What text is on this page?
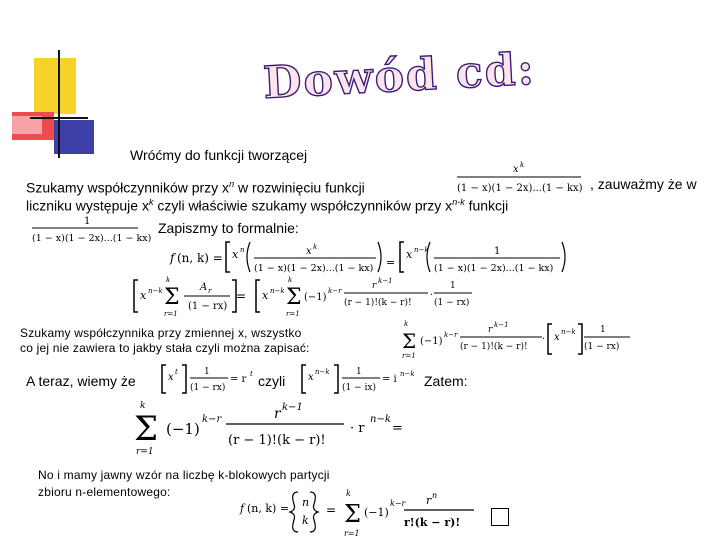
Dowód cd:
Wróćmy do funkcji tworzącej
Szukamy współczynników przy $x^n$ w rozwinięciu funkcji
x k
(1 − x)(1 − 2x)...(1 − kx) , zauważmy że w
liczniku występuje $x^k$ czyli właściwie szukamy współczynników przy $x^{n-k}$ funkcji
1
(1 − x)(1 − 2x)...(1 − kx)
Zapiszmy to formalnie:
f (n, k) = x n	x k
(1 − x)(1 − 2x)...(1 − kx) =
x n−k	1
(1 − x)(1 − 2x)...(1 − kx)
x n−k
k
Σ
r=1
A r
(1 − rx)
= x n−k
k
Σ
r=1
(−1)
k−r	r k−1
(r − 1)!(k − r)!
·
1
(1 − rx)
Szukamy współczynnika przy zmiennej x, wszystko
co jej nie zawiera to jakby stała czyli można zapisać:
k
Σ
r=1
(−1)
k−r	r k−1
(r − 1)!(k − r)!
· x n−k	1
(1 − rx)
A teraz, wiemy że	x t	1
(1 − rx)
= r t czyli x n−k	1
(1 − ix)
= i n−k Zatem:
k
Σ
r=1
(−1)
k−r	r k−1
(r − 1)!(k − r)!
· r
n−k
=
No i mamy jawny wzór na liczbę k-blokowych partycji
zbioru n-elementowego:
f (n, k) = n
k
=
k
Σ
r=1
(−1)
k−r r n
r!(k − r)!
